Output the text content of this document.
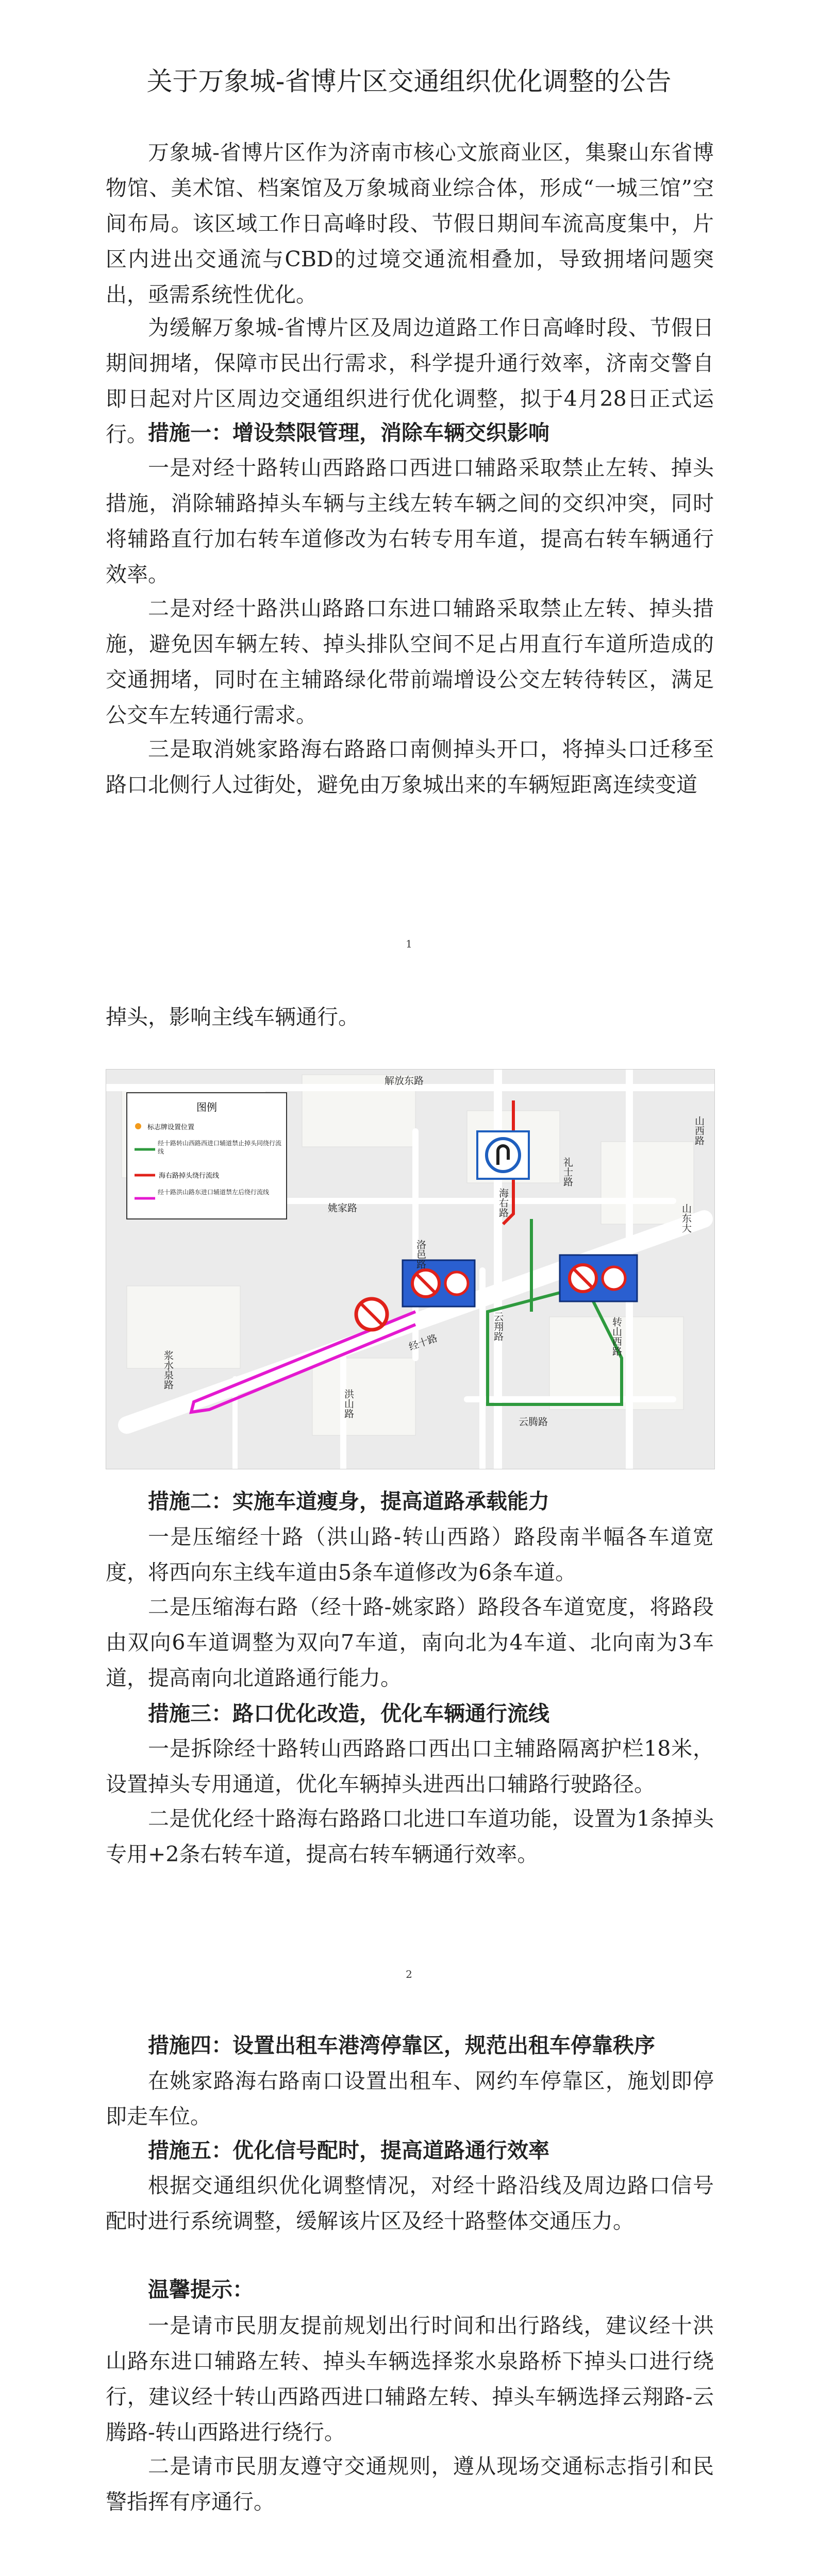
关于万象城-省博片区交通组织优化调整的公告

万象城-省博片区作为济南市核心文旅商业区，集聚山东省博物馆、美术馆、档案馆及万象城商业综合体，形成“一城三馆”空间布局。该区域工作日高峰时段、节假日期间车流高度集中，片区内进出交通流与CBD的过境交通流相叠加，导致拥堵问题突出，亟需系统性优化。

为缓解万象城-省博片区及周边道路工作日高峰时段、节假日期间拥堵，保障市民出行需求，科学提升通行效率，济南交警自即日起对片区周边交通组织进行优化调整，拟于4月28日正式运行。 措施一：增设禁限管理，消除车辆交织影响

一是对经十路转山西路路口西进口辅路采取禁止左转、掉头措施，消除辅路掉头车辆与主线左转车辆之间的交织冲突，同时将辅路直行加右转车道修改为右转专用车道，提高右转车辆通行效率。

二是对经十路洪山路路口东进口辅路采取禁止左转、掉头措施，避免因车辆左转、掉头排队空间不足占用直行车道所造成的交通拥堵，同时在主辅路绿化带前端增设公交左转待转区，满足公交车左转通行需求。

三是取消姚家路海右路路口南侧掉头开口，将掉头口迁移至路口北侧行人过街处，避免由万象城出来的车辆短距离连续变道

1

掉头，影响主线车辆通行。

图例
标志牌设置位置
经十路转山西路西进口辅道禁止掉头同绕行流线
海右路掉头绕行流线
经十路洪山路东进口辅道禁左后绕行流线
解放东路
姚家路	海右路
洛邑路
礼士路
经十路
山西路
转山西路
云翔路
云腾路
洪山路
山东大
浆水泉路

措施二：实施车道瘦身，提高道路承载能力

一是压缩经十路（洪山路-转山西路）路段南半幅各车道宽度，将西向东主线车道由5条车道修改为6条车道。

二是压缩海右路（经十路-姚家路）路段各车道宽度，将路段由双向6车道调整为双向7车道，南向北为4车道、北向南为3车道，提高南向北道路通行能力。

措施三：路口优化改造，优化车辆通行流线

一是拆除经十路转山西路路口西出口主辅路隔离护栏18米，设置掉头专用通道，优化车辆掉头进西出口辅路行驶路径。

二是优化经十路海右路路口北进口车道功能，设置为1条掉头专用+2条右转车道，提高右转车辆通行效率。

2

措施四：设置出租车港湾停靠区，规范出租车停靠秩序

在姚家路海右路南口设置出租车、网约车停靠区，施划即停即走车位。

措施五：优化信号配时，提高道路通行效率

根据交通组织优化调整情况，对经十路沿线及周边路口信号配时进行系统调整，缓解该片区及经十路整体交通压力。

温馨提示：

一是请市民朋友提前规划出行时间和出行路线，建议经十洪山路东进口辅路左转、掉头车辆选择浆水泉路桥下掉头口进行绕行，建议经十转山西路西进口辅路左转、掉头车辆选择云翔路-云腾路-转山西路进行绕行。

二是请市民朋友遵守交通规则，遵从现场交通标志指引和民警指挥有序通行。
